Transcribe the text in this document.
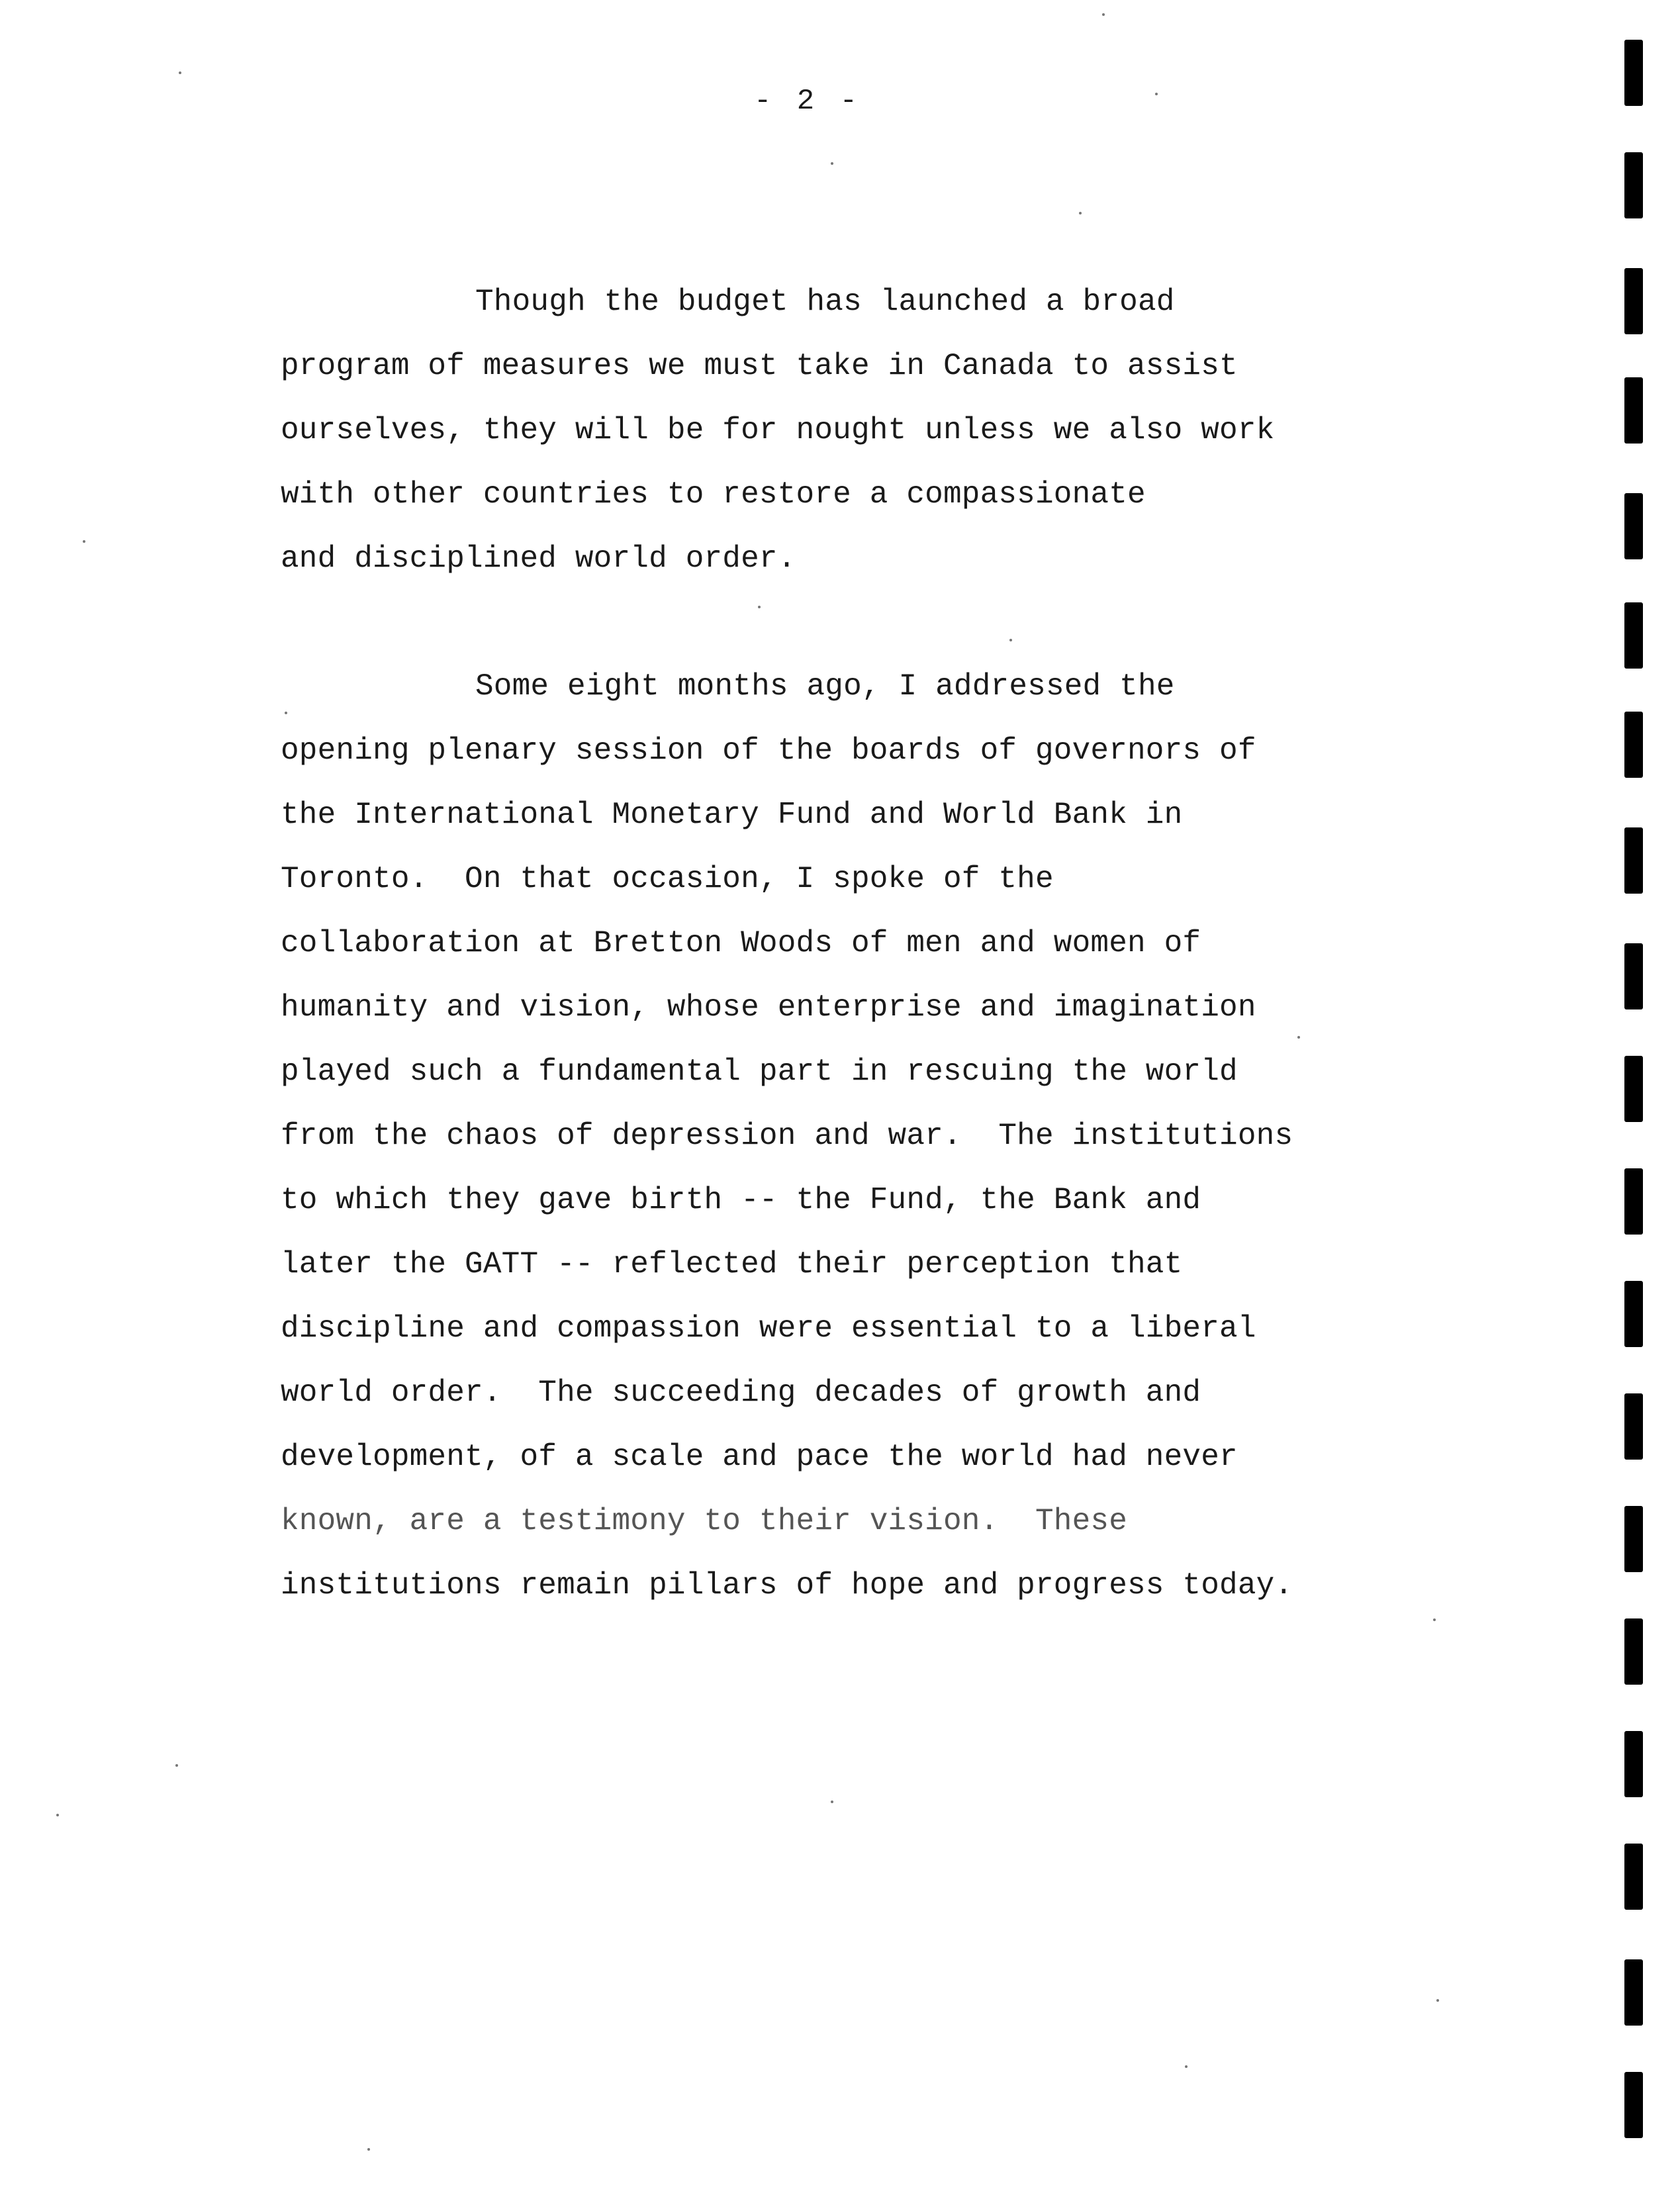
- 2 -
Though the budget has launched a broad
program of measures we must take in Canada to assist
ourselves, they will be for nought unless we also work
with other countries to restore a compassionate
and disciplined world order.
Some eight months ago, I addressed the
opening plenary session of the boards of governors of
the International Monetary Fund and World Bank in
Toronto.  On that occasion, I spoke of the
collaboration at Bretton Woods of men and women of
humanity and vision, whose enterprise and imagination
played such a fundamental part in rescuing the world
from the chaos of depression and war.  The institutions
to which they gave birth -- the Fund, the Bank and
later the GATT -- reflected their perception that
discipline and compassion were essential to a liberal
world order.  The succeeding decades of growth and
development, of a scale and pace the world had never
known, are a testimony to their vision.  These
institutions remain pillars of hope and progress today.
